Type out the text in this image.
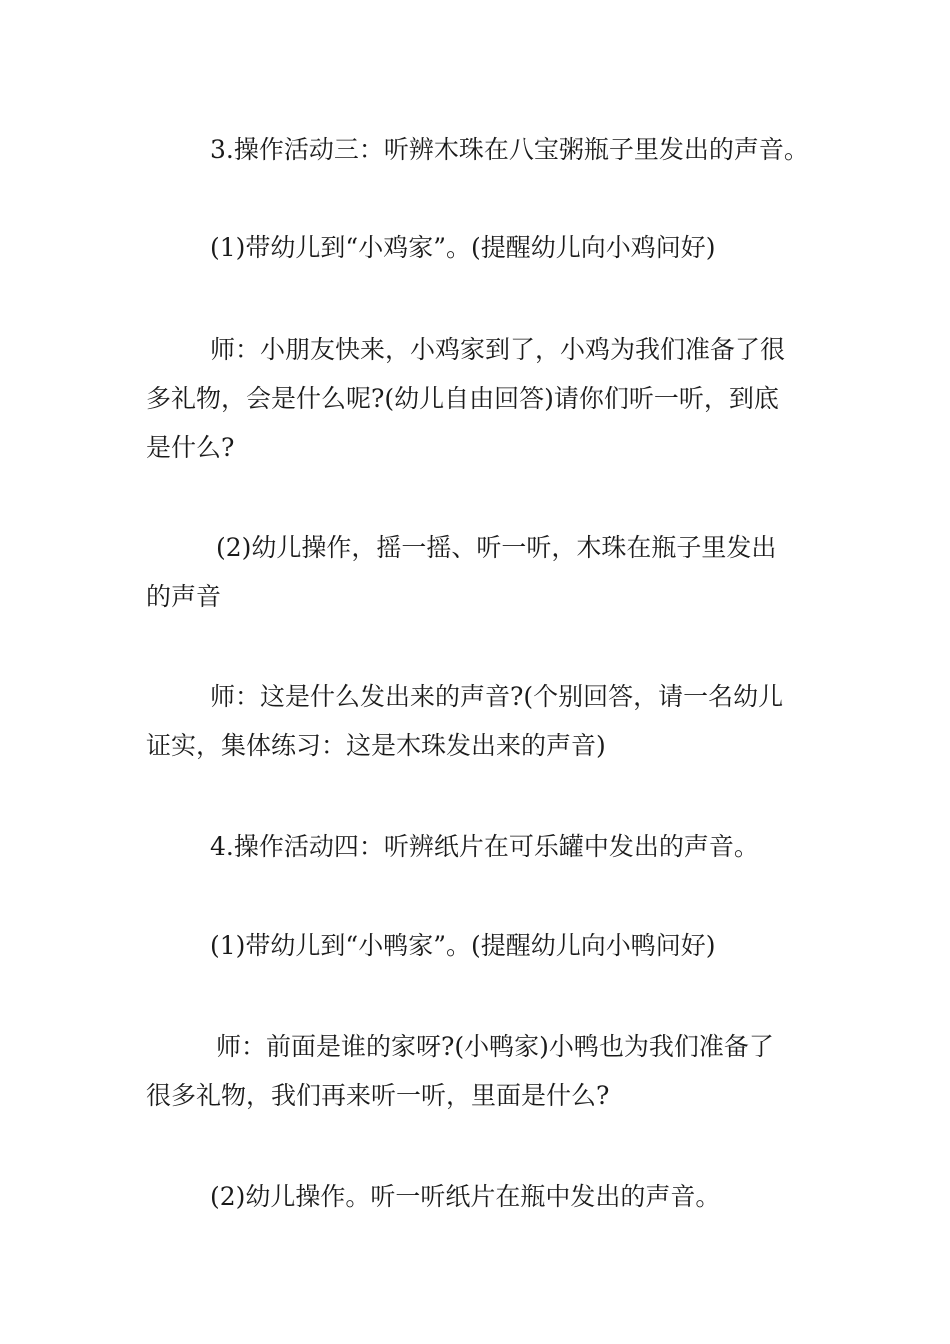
3.操作活动三：听辨木珠在八宝粥瓶子里发出的声音。

(1)带幼儿到“小鸡家”。(提醒幼儿向小鸡问好)

师：小朋友快来，小鸡家到了，小鸡为我们准备了很

多礼物，会是什么呢?(幼儿自由回答)请你们听一听，到底

是什么?

(2)幼儿操作，摇一摇、听一听，木珠在瓶子里发出

的声音

师：这是什么发出来的声音?(个别回答，请一名幼儿

证实，集体练习：这是木珠发出来的声音)

4.操作活动四：听辨纸片在可乐罐中发出的声音。

(1)带幼儿到“小鸭家”。(提醒幼儿向小鸭问好)

师：前面是谁的家呀?(小鸭家)小鸭也为我们准备了

很多礼物，我们再来听一听，里面是什么?

(2)幼儿操作。听一听纸片在瓶中发出的声音。
